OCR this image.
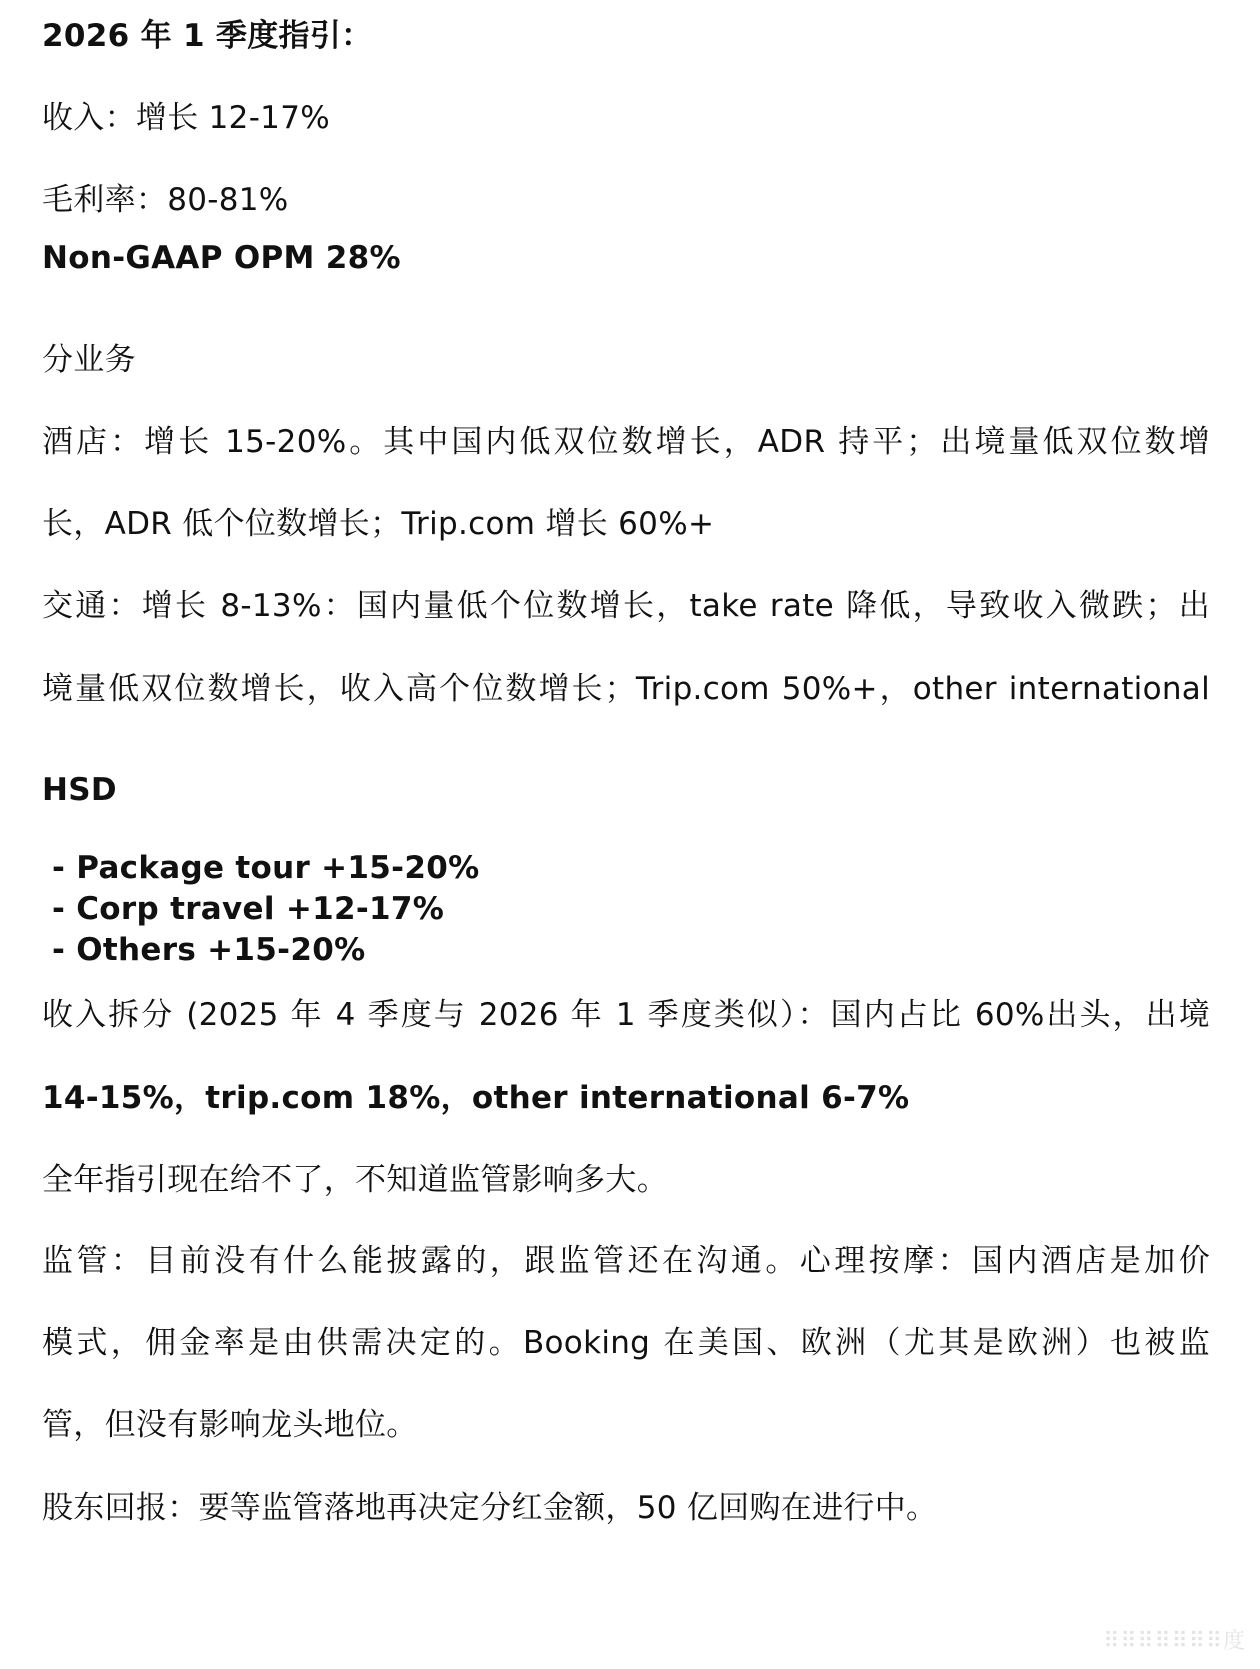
2026 年 1 季度指引：
收入：增长 12-17%
毛利率：80-81%
Non-GAAP OPM 28%
分业务
酒店：增长 15-20%。其中国内低双位数增长，ADR 持平；出境量低双位数增
长，ADR 低个位数增长；Trip.com 增长 60%+
交通：增长 8-13%：国内量低个位数增长，take rate 降低，导致收入微跌；出
境量低双位数增长，收入高个位数增长；Trip.com 50%+，other international
HSD
- Package tour +15-20%
- Corp travel +12-17%
- Others +15-20%
收入拆分 (2025 年 4 季度与 2026 年 1 季度类似）：国内占比 60%出头，出境
14-15%，trip.com 18%，other international 6-7%
全年指引现在给不了，不知道监管影响多大。
监管：目前没有什么能披露的，跟监管还在沟通。心理按摩：国内酒店是加价
模式，佣金率是由供需决定的。Booking 在美国、欧洲（尤其是欧洲）也被监
管，但没有影响龙头地位。
股东回报：要等监管落地再决定分红金额，50 亿回购在进行中。
⠿⠿⠿⠿⠿⠿⠿度
